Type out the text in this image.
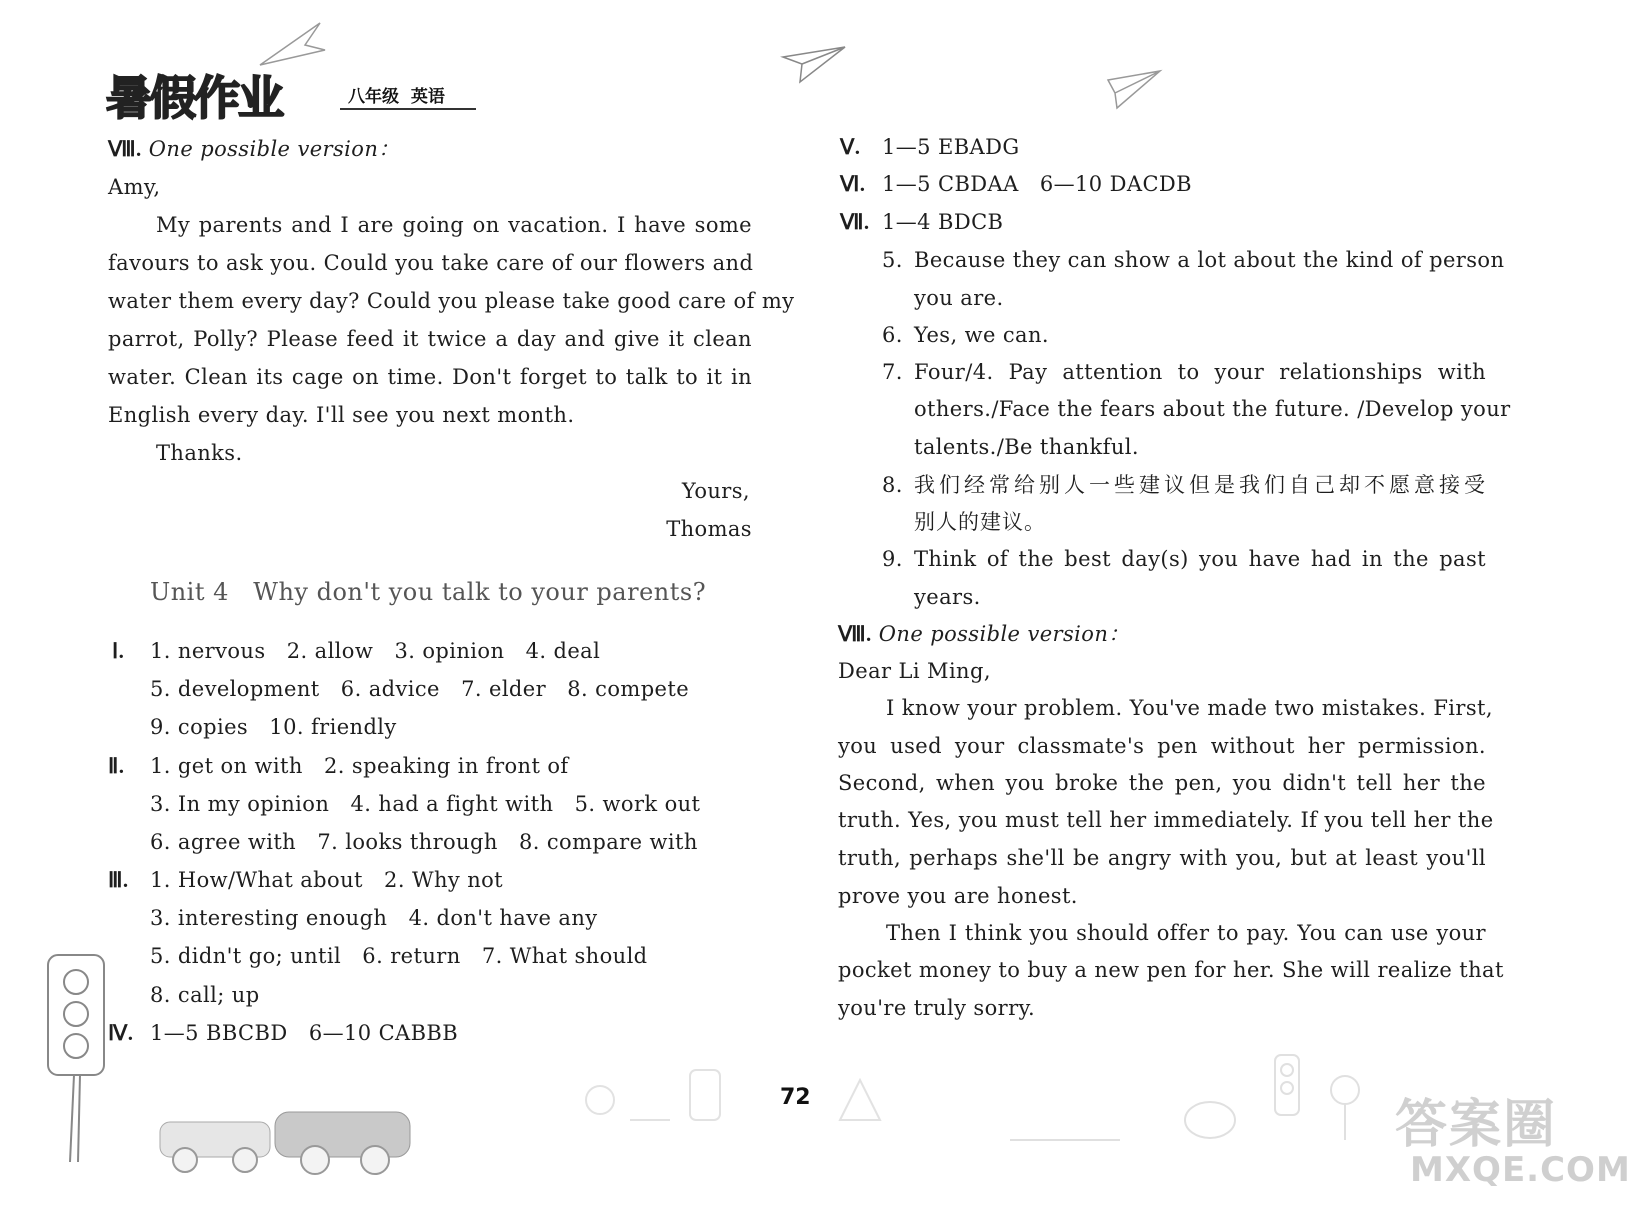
暑假作业	八年级  英语
Ⅷ. One possible version：
Amy,
My parents and I are going on vacation. I have some
favours to ask you. Could you take care of our flowers and
water them every day? Could you please take good care of my
parrot, Polly? Please feed it twice a day and give it clean
water. Clean its cage on time. Don't forget to talk to it in
English every day. I'll see you next month.
Thanks.
Yours,
Thomas
Unit 4   Why don't you talk to your parents?
Ⅰ. 1. nervous   2. allow   3. opinion   4. deal
5. development   6. advice   7. elder   8. compete
9. copies   10. friendly
Ⅱ. 1. get on with   2. speaking in front of
3. In my opinion   4. had a fight with   5. work out
6. agree with   7. looks through   8. compare with
Ⅲ. 1. How/What about   2. Why not
3. interesting enough   4. don't have any
5. didn't go; until   6. return   7. What should
8. call; up
Ⅳ. 1—5 BBCBD   6—10 CABBB
Ⅴ. 1—5 EBADG
Ⅵ. 1—5 CBDAA   6—10 DACDB
Ⅶ. 1—4 BDCB
5. Because they can show a lot about the kind of person
you are.
6. Yes, we can.
7. Four/4. Pay attention to your relationships with
others./Face the fears about the future. /Develop your
talents./Be thankful.
8. 我们经常给别人一些建议但是我们自己却不愿意接受
别人的建议。
9. Think of the best day(s) you have had in the past
years.
Ⅷ. One possible version：
Dear Li Ming,
I know your problem. You've made two mistakes. First,
you used your classmate's pen without her permission.
Second, when you broke the pen, you didn't tell her the
truth. Yes, you must tell her immediately. If you tell her the
truth, perhaps she'll be angry with you, but at least you'll
prove you are honest.
Then I think you should offer to pay. You can use your
pocket money to buy a new pen for her. She will realize that
you're truly sorry.
72	答案圈
MXQE.COM
